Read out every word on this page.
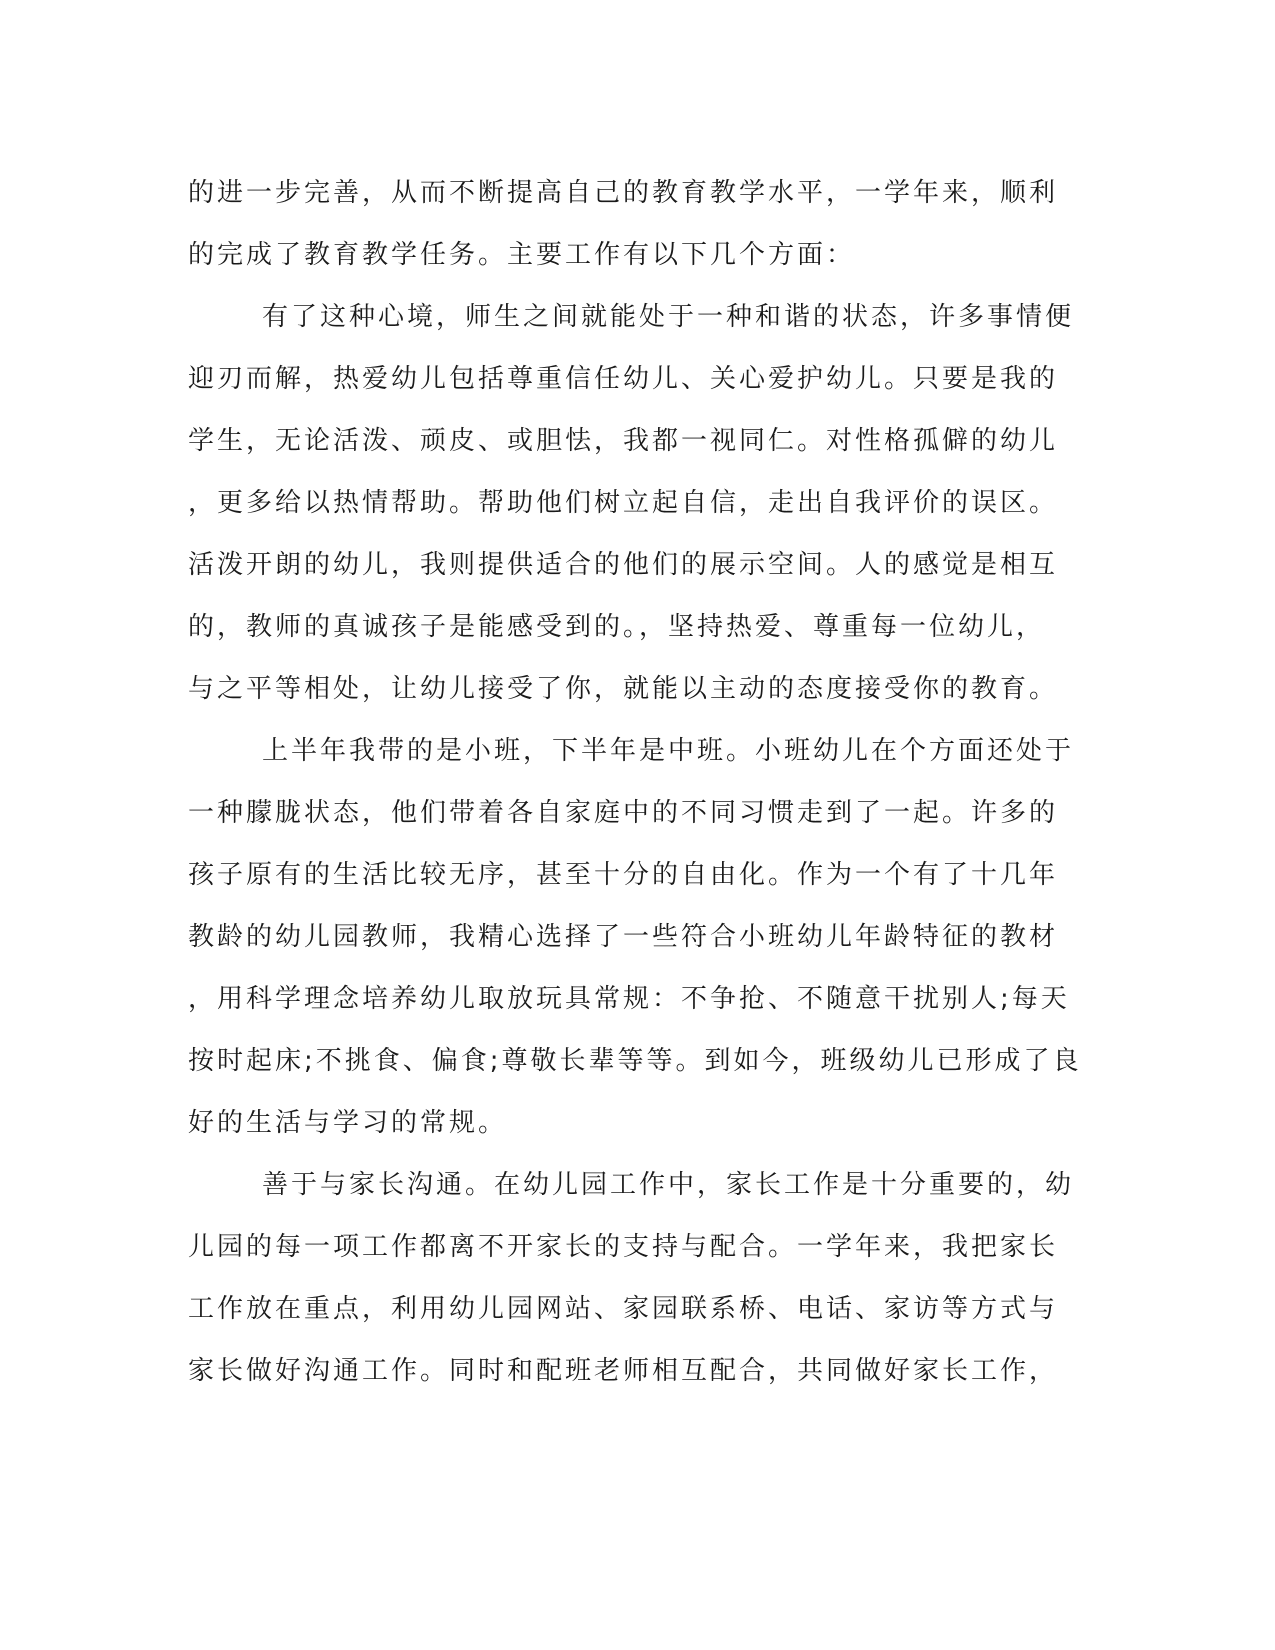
的进一步完善，从而不断提高自己的教育教学水平，一学年来，顺利
的完成了教育教学任务。主要工作有以下几个方面：
有了这种心境，师生之间就能处于一种和谐的状态，许多事情便
迎刃而解，热爱幼儿包括尊重信任幼儿、关心爱护幼儿。只要是我的
学生，无论活泼、顽皮、或胆怯，我都一视同仁。对性格孤僻的幼儿
，更多给以热情帮助。帮助他们树立起自信，走出自我评价的误区。
活泼开朗的幼儿，我则提供适合的他们的展示空间。人的感觉是相互
的，教师的真诚孩子是能感受到的。，坚持热爱、尊重每一位幼儿，
与之平等相处，让幼儿接受了你，就能以主动的态度接受你的教育。
上半年我带的是小班，下半年是中班。小班幼儿在个方面还处于
一种朦胧状态，他们带着各自家庭中的不同习惯走到了一起。许多的
孩子原有的生活比较无序，甚至十分的自由化。作为一个有了十几年
教龄的幼儿园教师，我精心选择了一些符合小班幼儿年龄特征的教材
，用科学理念培养幼儿取放玩具常规：不争抢、不随意干扰别人;每天
按时起床;不挑食、偏食;尊敬长辈等等。到如今，班级幼儿已形成了良
好的生活与学习的常规。
善于与家长沟通。在幼儿园工作中，家长工作是十分重要的，幼
儿园的每一项工作都离不开家长的支持与配合。一学年来，我把家长
工作放在重点，利用幼儿园网站、家园联系桥、电话、家访等方式与
家长做好沟通工作。同时和配班老师相互配合，共同做好家长工作，
